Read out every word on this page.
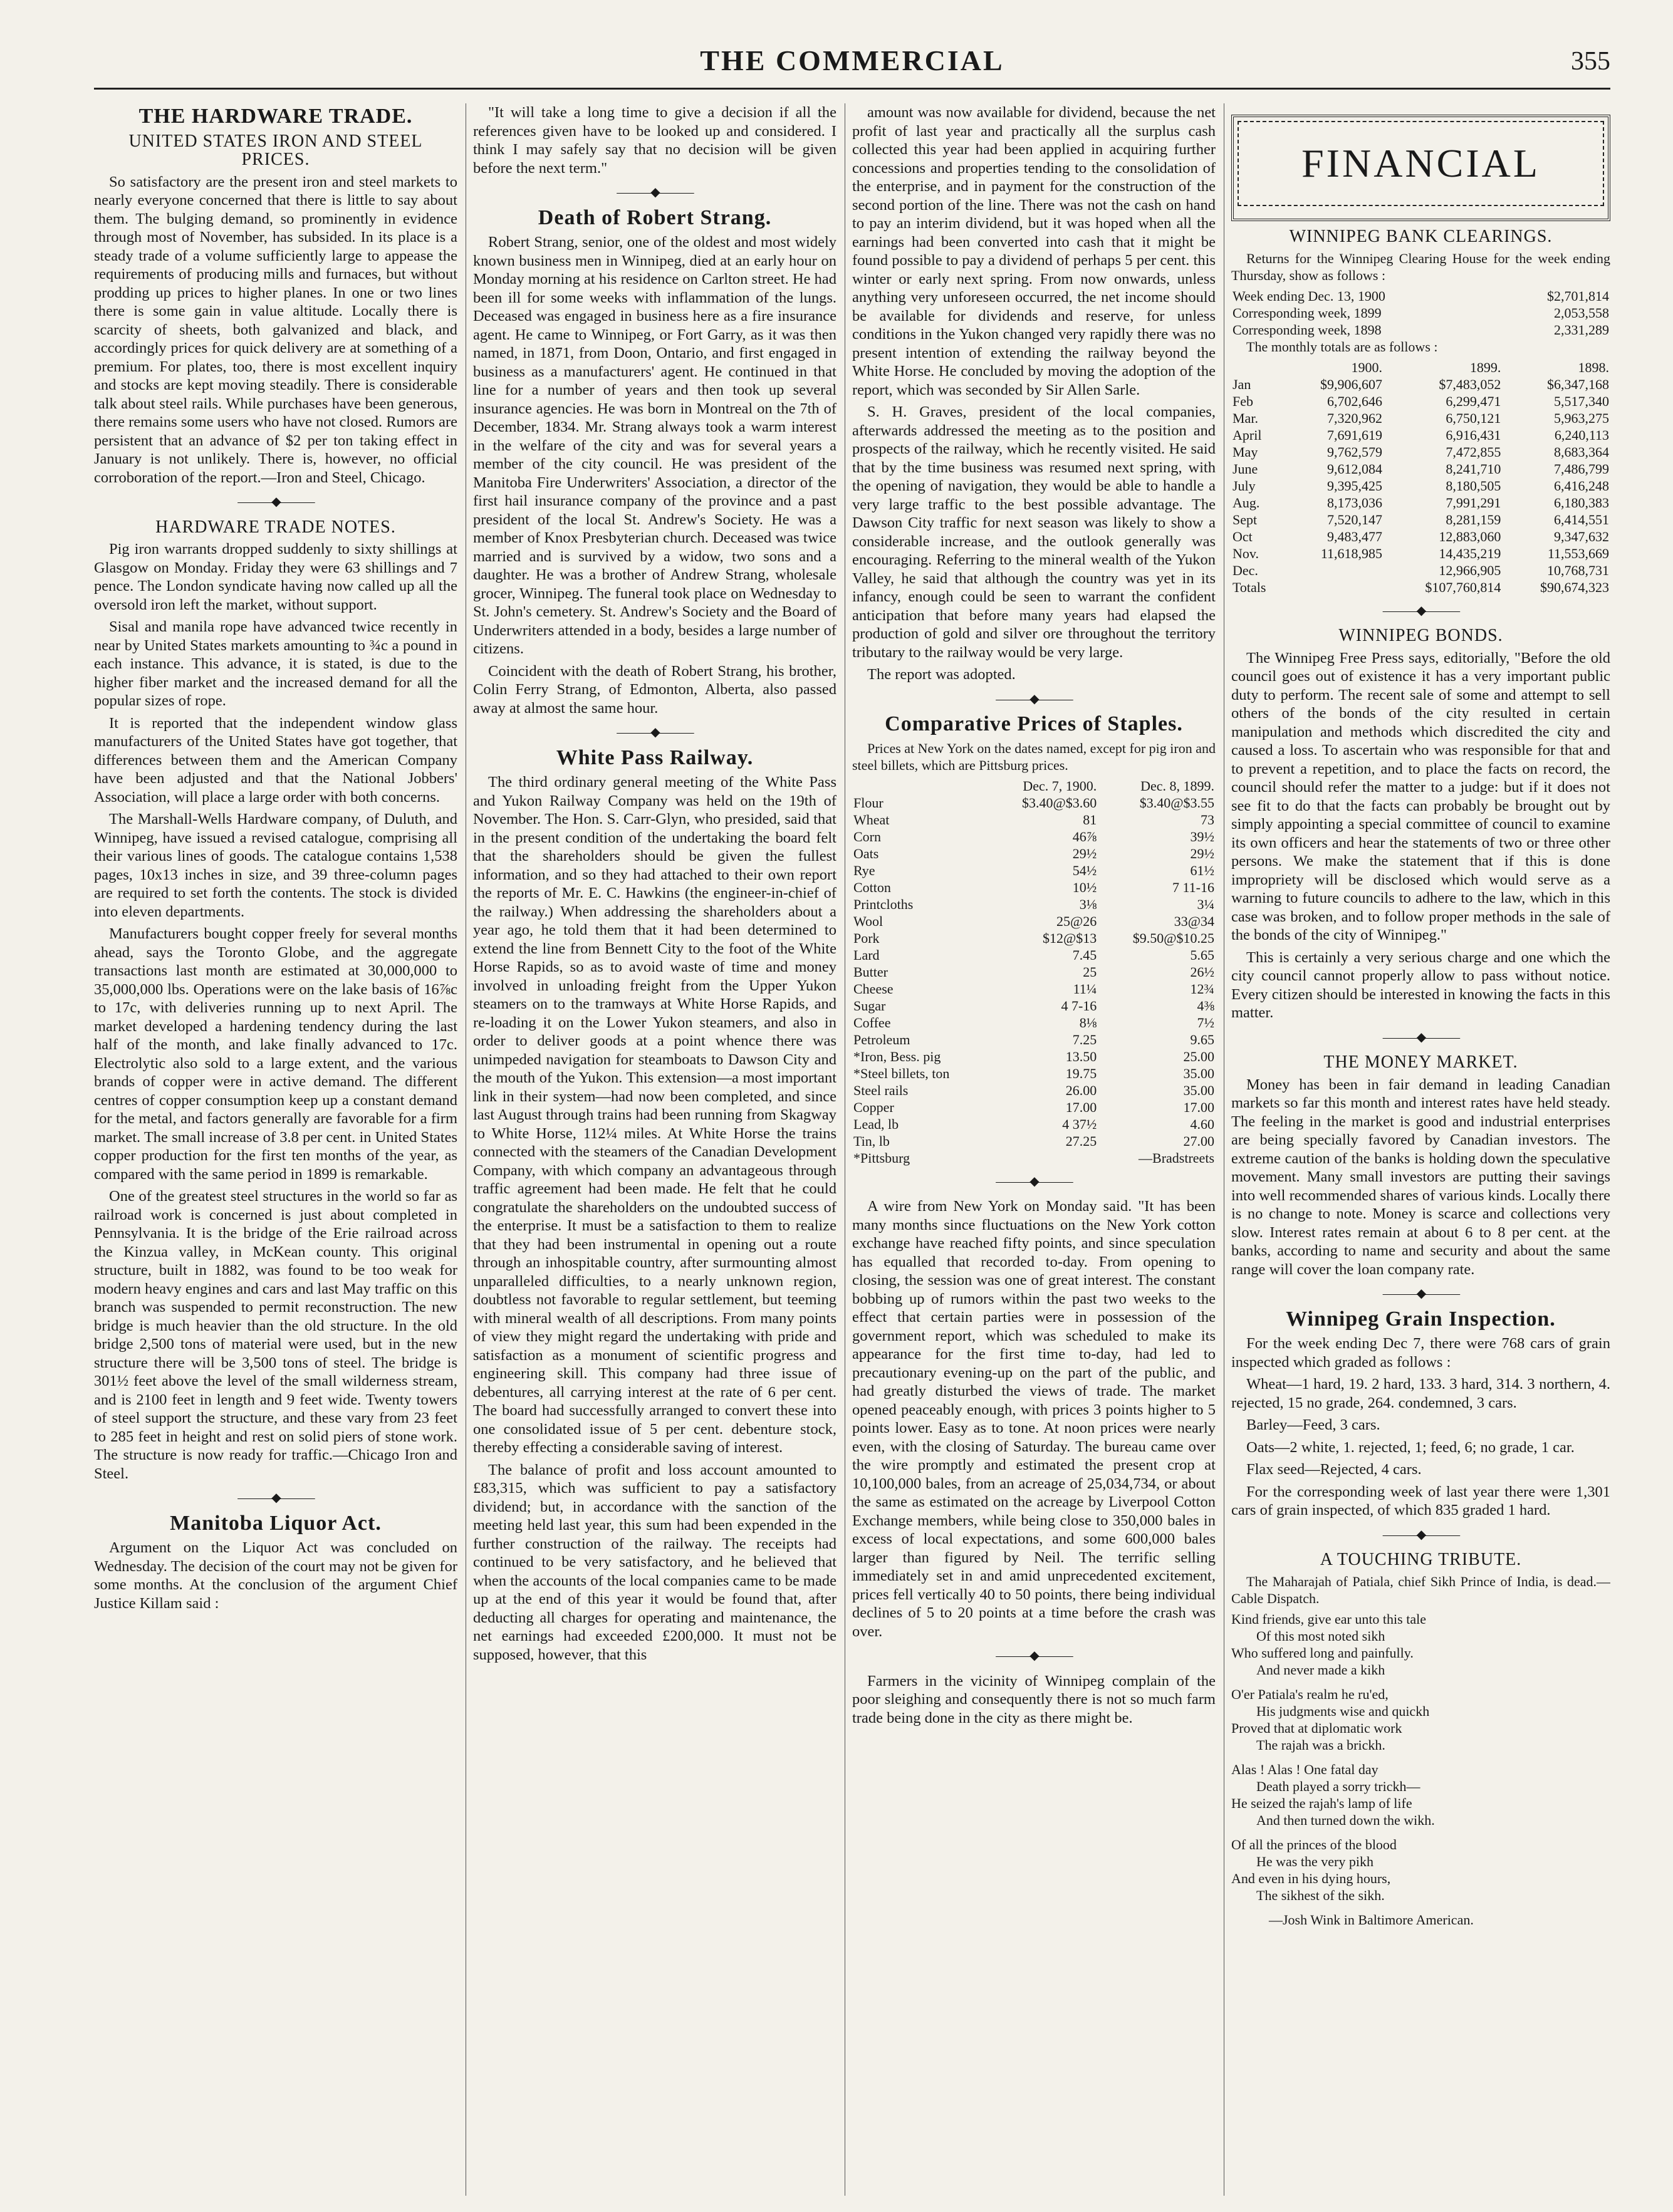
THE COMMERCIAL	355
THE HARDWARE TRADE.
UNITED STATES IRON AND STEEL PRICES.

So satisfactory are the present iron and steel markets to nearly everyone concerned that there is little to say about them. The bulging demand, so prominently in evidence through most of November, has subsided. In its place is a steady trade of a volume sufficiently large to appease the requirements of producing mills and furnaces, but without prodding up prices to higher planes. In one or two lines there is some gain in value altitude. Locally there is scarcity of sheets, both galvanized and black, and accordingly prices for quick delivery are at something of a premium. For plates, too, there is most excellent inquiry and stocks are kept moving steadily. There is considerable talk about steel rails. While purchases have been generous, there remains some users who have not closed. Rumors are persistent that an advance of $2 per ton taking effect in January is not unlikely. There is, however, no official corroboration of the report.—Iron and Steel, Chicago.

———◆———
HARDWARE TRADE NOTES.

Pig iron warrants dropped suddenly to sixty shillings at Glasgow on Monday. Friday they were 63 shillings and 7 pence. The London syndicate having now called up all the oversold iron left the market, without support.

Sisal and manila rope have advanced twice recently in near by United States markets amounting to ¾c a pound in each instance. This advance, it is stated, is due to the higher fiber market and the increased demand for all the popular sizes of rope.

It is reported that the independent window glass manufacturers of the United States have got together, that differences between them and the American Company have been adjusted and that the National Jobbers' Association, will place a large order with both concerns.

The Marshall-Wells Hardware company, of Duluth, and Winnipeg, have issued a revised catalogue, comprising all their various lines of goods. The catalogue contains 1,538 pages, 10x13 inches in size, and 39 three-column pages are required to set forth the contents. The stock is divided into eleven departments.

Manufacturers bought copper freely for several months ahead, says the Toronto Globe, and the aggregate transactions last month are estimated at 30,000,000 to 35,000,000 lbs. Operations were on the lake basis of 16⅞c to 17c, with deliveries running up to next April. The market developed a hardening tendency during the last half of the month, and lake finally advanced to 17c. Electrolytic also sold to a large extent, and the various brands of copper were in active demand. The different centres of copper consumption keep up a constant demand for the metal, and factors generally are favorable for a firm market. The small increase of 3.8 per cent. in United States copper production for the first ten months of the year, as compared with the same period in 1899 is remarkable.

One of the greatest steel structures in the world so far as railroad work is concerned is just about completed in Pennsylvania. It is the bridge of the Erie railroad across the Kinzua valley, in McKean county. This original structure, built in 1882, was found to be too weak for modern heavy engines and cars and last May traffic on this branch was suspended to permit reconstruction. The new bridge is much heavier than the old structure. In the old bridge 2,500 tons of material were used, but in the new structure there will be 3,500 tons of steel. The bridge is 301½ feet above the level of the small wilderness stream, and is 2100 feet in length and 9 feet wide. Twenty towers of steel support the structure, and these vary from 23 feet to 285 feet in height and rest on solid piers of stone work. The structure is now ready for traffic.—Chicago Iron and Steel.

———◆———
Manitoba Liquor Act.

Argument on the Liquor Act was concluded on Wednesday. The decision of the court may not be given for some months. At the conclusion of the argument Chief Justice Killam said :

"It will take a long time to give a decision if all the references given have to be looked up and considered. I think I may safely say that no decision will be given before the next term."

———◆———
Death of Robert Strang.

Robert Strang, senior, one of the oldest and most widely known business men in Winnipeg, died at an early hour on Monday morning at his residence on Carlton street. He had been ill for some weeks with inflammation of the lungs. Deceased was engaged in business here as a fire insurance agent. He came to Winnipeg, or Fort Garry, as it was then named, in 1871, from Doon, Ontario, and first engaged in business as a manufacturers' agent. He continued in that line for a number of years and then took up several insurance agencies. He was born in Montreal on the 7th of December, 1834. Mr. Strang always took a warm interest in the welfare of the city and was for several years a member of the city council. He was president of the Manitoba Fire Underwriters' Association, a director of the first hail insurance company of the province and a past president of the local St. Andrew's Society. He was a member of Knox Presbyterian church. Deceased was twice married and is survived by a widow, two sons and a daughter. He was a brother of Andrew Strang, wholesale grocer, Winnipeg. The funeral took place on Wednesday to St. John's cemetery. St. Andrew's Society and the Board of Underwriters attended in a body, besides a large number of citizens.

Coincident with the death of Robert Strang, his brother, Colin Ferry Strang, of Edmonton, Alberta, also passed away at almost the same hour.

———◆———
White Pass Railway.

The third ordinary general meeting of the White Pass and Yukon Railway Company was held on the 19th of November. The Hon. S. Carr-Glyn, who presided, said that in the present condition of the undertaking the board felt that the shareholders should be given the fullest information, and so they had attached to their own report the reports of Mr. E. C. Hawkins (the engineer-in-chief of the railway.) When addressing the shareholders about a year ago, he told them that it had been determined to extend the line from Bennett City to the foot of the White Horse Rapids, so as to avoid waste of time and money involved in unloading freight from the Upper Yukon steamers on to the tramways at White Horse Rapids, and re-loading it on the Lower Yukon steamers, and also in order to deliver goods at a point whence there was unimpeded navigation for steamboats to Dawson City and the mouth of the Yukon. This extension—a most important link in their system—had now been completed, and since last August through trains had been running from Skagway to White Horse, 112¼ miles. At White Horse the trains connected with the steamers of the Canadian Development Company, with which company an advantageous through traffic agreement had been made. He felt that he could congratulate the shareholders on the undoubted success of the enterprise. It must be a satisfaction to them to realize that they had been instrumental in opening out a route through an inhospitable country, after surmounting almost unparalleled difficulties, to a nearly unknown region, doubtless not favorable to regular settlement, but teeming with mineral wealth of all descriptions. From many points of view they might regard the undertaking with pride and satisfaction as a monument of scientific progress and engineering skill. This company had three issue of debentures, all carrying interest at the rate of 6 per cent. The board had successfully arranged to convert these into one consolidated issue of 5 per cent. debenture stock, thereby effecting a considerable saving of interest.

The balance of profit and loss account amounted to £83,315, which was sufficient to pay a satisfactory dividend; but, in accordance with the sanction of the meeting held last year, this sum had been expended in the further construction of the railway. The receipts had continued to be very satisfactory, and he believed that when the accounts of the local companies came to be made up at the end of this year it would be found that, after deducting all charges for operating and maintenance, the net earnings had exceeded £200,000. It must not be supposed, however, that this

amount was now available for dividend, because the net profit of last year and practically all the surplus cash collected this year had been applied in acquiring further concessions and properties tending to the consolidation of the enterprise, and in payment for the construction of the second portion of the line. There was not the cash on hand to pay an interim dividend, but it was hoped when all the earnings had been converted into cash that it might be found possible to pay a dividend of perhaps 5 per cent. this winter or early next spring. From now onwards, unless anything very unforeseen occurred, the net income should be available for dividends and reserve, for unless conditions in the Yukon changed very rapidly there was no present intention of extending the railway beyond the White Horse. He concluded by moving the adoption of the report, which was seconded by Sir Allen Sarle.

S. H. Graves, president of the local companies, afterwards addressed the meeting as to the position and prospects of the railway, which he recently visited. He said that by the time business was resumed next spring, with the opening of navigation, they would be able to handle a very large traffic to the best possible advantage. The Dawson City traffic for next season was likely to show a considerable increase, and the outlook generally was encouraging. Referring to the mineral wealth of the Yukon Valley, he said that although the country was yet in its infancy, enough could be seen to warrant the confident anticipation that before many years had elapsed the production of gold and silver ore throughout the territory tributary to the railway would be very large.

The report was adopted.

———◆———
Comparative Prices of Staples.

Prices at New York on the dates named, except for pig iron and steel billets, which are Pittsburg prices.

	Dec. 7, 1900.	Dec. 8, 1899.
Flour	$3.40@$3.60	$3.40@$3.55
Wheat	81	73
Corn	46⅞	39½
Oats	29½	29½
Rye	54½	61½
Cotton	10½	7 11-16
Printcloths	3⅛	3¼
Wool	25@26	33@34
Pork	$12@$13	$9.50@$10.25
Lard	7.45	5.65
Butter	25	26½
Cheese	11¼	12¾
Sugar	4 7-16	4⅜
Coffee	8⅛	7½
Petroleum	7.25	9.65
*Iron, Bess. pig	13.50	25.00
*Steel billets, ton	19.75	35.00
Steel rails	26.00	35.00
Copper	17.00	17.00
Lead, lb	4 37½	4.60
Tin, lb	27.25	27.00
*Pittsburg	—Bradstreets
———◆———

A wire from New York on Monday said. "It has been many months since fluctuations on the New York cotton exchange have reached fifty points, and since speculation has equalled that recorded to-day. From opening to closing, the session was one of great interest. The constant bobbing up of rumors within the past two weeks to the effect that certain parties were in possession of the government report, which was scheduled to make its appearance for the first time to-day, had led to precautionary evening-up on the part of the public, and had greatly disturbed the views of trade. The market opened peaceably enough, with prices 3 points higher to 5 points lower. Easy as to tone. At noon prices were nearly even, with the closing of Saturday. The bureau came over the wire promptly and estimated the present crop at 10,100,000 bales, from an acreage of 25,034,734, or about the same as estimated on the acreage by Liverpool Cotton Exchange members, while being close to 350,000 bales in excess of local expectations, and some 600,000 bales larger than figured by Neil. The terrific selling immediately set in and amid unprecedented excitement, prices fell vertically 40 to 50 points, there being individual declines of 5 to 20 points at a time before the crash was over.

———◆———

Farmers in the vicinity of Winnipeg complain of the poor sleighing and consequently there is not so much farm trade being done in the city as there might be.

FINANCIAL
WINNIPEG BANK CLEARINGS.

Returns for the Winnipeg Clearing House for the week ending Thursday, show as follows :

Week ending Dec. 13, 1900	$2,701,814
Corresponding week, 1899	2,053,558
Corresponding week, 1898	2,331,289

The monthly totals are as follows :

	1900.	1899.	1898.
Jan	$9,906,607	$7,483,052	$6,347,168
Feb	6,702,646	6,299,471	5,517,340
Mar.	7,320,962	6,750,121	5,963,275
April	7,691,619	6,916,431	6,240,113
May	9,762,579	7,472,855	8,683,364
June	9,612,084	8,241,710	7,486,799
July	9,395,425	8,180,505	6,416,248
Aug.	8,173,036	7,991,291	6,180,383
Sept	7,520,147	8,281,159	6,414,551
Oct	9,483,477	12,883,060	9,347,632
Nov.	11,618,985	14,435,219	11,553,669
Dec.		12,966,905	10,768,731
Totals		$107,760,814	$90,674,323
———◆———
WINNIPEG BONDS.

The Winnipeg Free Press says, editorially, "Before the old council goes out of existence it has a very important public duty to perform. The recent sale of some and attempt to sell others of the bonds of the city resulted in certain manipulation and methods which discredited the city and caused a loss. To ascertain who was responsible for that and to prevent a repetition, and to place the facts on record, the council should refer the matter to a judge: but if it does not see fit to do that the facts can probably be brought out by simply appointing a special committee of council to examine its own officers and hear the statements of two or three other persons. We make the statement that if this is done impropriety will be disclosed which would serve as a warning to future councils to adhere to the law, which in this case was broken, and to follow proper methods in the sale of the bonds of the city of Winnipeg."

This is certainly a very serious charge and one which the city council cannot properly allow to pass without notice. Every citizen should be interested in knowing the facts in this matter.

———◆———
THE MONEY MARKET.

Money has been in fair demand in leading Canadian markets so far this month and interest rates have held steady. The feeling in the market is good and industrial enterprises are being specially favored by Canadian investors. The extreme caution of the banks is holding down the speculative movement. Many small investors are putting their savings into well recommended shares of various kinds. Locally there is no change to note. Money is scarce and collections very slow. Interest rates remain at about 6 to 8 per cent. at the banks, according to name and security and about the same range will cover the loan company rate.

———◆———
Winnipeg Grain Inspection.

For the week ending Dec 7, there were 768 cars of grain inspected which graded as follows :

Wheat—1 hard, 19. 2 hard, 133. 3 hard, 314. 3 northern, 4. rejected, 15 no grade, 264. condemned, 3 cars.

Barley—Feed, 3 cars.

Oats—2 white, 1. rejected, 1; feed, 6; no grade, 1 car.

Flax seed—Rejected, 4 cars.

For the corresponding week of last year there were 1,301 cars of grain inspected, of which 835 graded 1 hard.

———◆———
A TOUCHING TRIBUTE.

The Maharajah of Patiala, chief Sikh Prince of India, is dead.—Cable Dispatch.

Kind friends, give ear unto this tale

Of this most noted sikh

Who suffered long and painfully.

And never made a kikh

O'er Patiala's realm he ru'ed,

His judgments wise and quickh

Proved that at diplomatic work

The rajah was a brickh.

Alas ! Alas ! One fatal day

Death played a sorry trickh—

He seized the rajah's lamp of life

And then turned down the wikh.

Of all the princes of the blood

He was the very pikh

And even in his dying hours,

The sikhest of the sikh.

—Josh Wink in Baltimore American.
